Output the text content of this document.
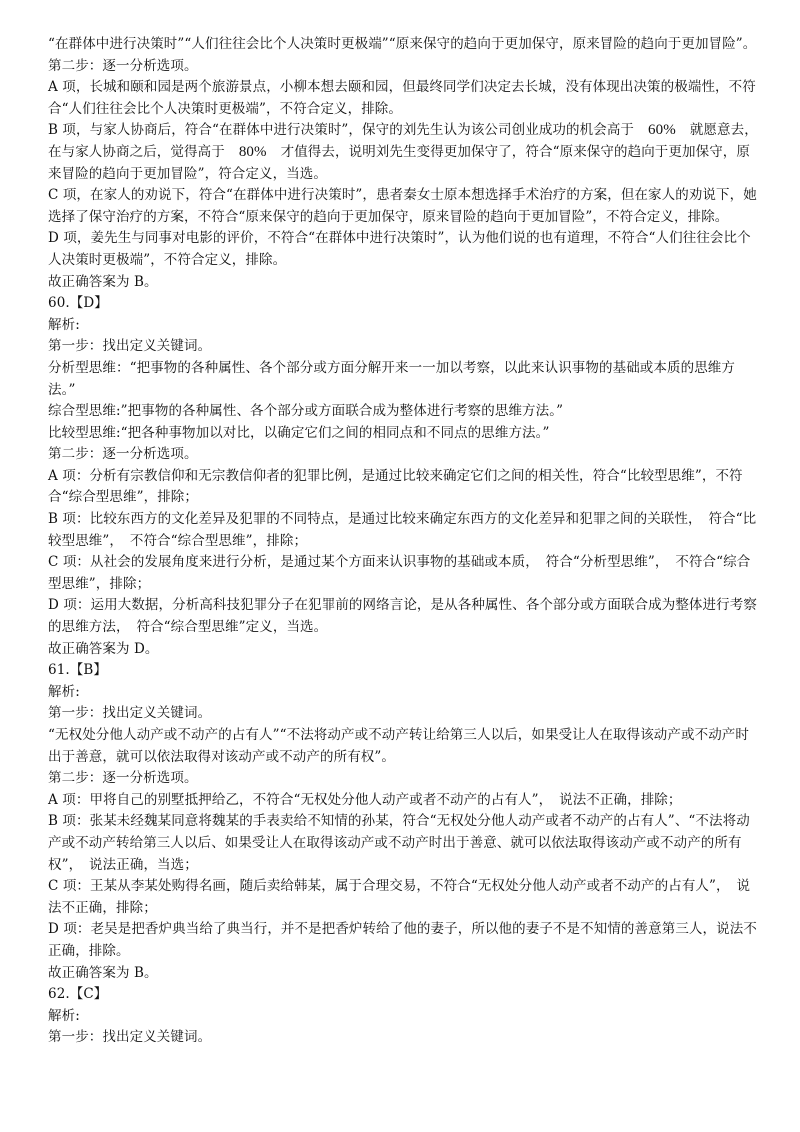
“在群体中进行决策时”“人们往往会比个人决策时更极端”“原来保守的趋向于更加保守，原来冒险的趋向于更加冒险”。

第二步：逐一分析选项。

A 项，长城和颐和园是两个旅游景点，小柳本想去颐和园，但最终同学们决定去长城，没有体现出决策的极端性，不符合“人们往往会比个人决策时更极端”，不符合定义，排除。

B 项，与家人协商后，符合“在群体中进行决策时”，保守的刘先生认为该公司创业成功的机会高于 60% 就愿意去，在与家人协商之后，觉得高于 80% 才值得去，说明刘先生变得更加保守了，符合“原来保守的趋向于更加保守，原来冒险的趋向于更加冒险”，符合定义，当选。

C 项，在家人的劝说下，符合“在群体中进行决策时”，患者秦女士原本想选择手术治疗的方案，但在家人的劝说下，她选择了保守治疗的方案，不符合“原来保守的趋向于更加保守，原来冒险的趋向于更加冒险”，不符合定义，排除。

D 项，姜先生与同事对电影的评价，不符合“在群体中进行决策时”，认为他们说的也有道理，不符合“人们往往会比个人决策时更极端”，不符合定义，排除。

故正确答案为 B。

60.【D】

解析:

第一步：找出定义关键词。

分析型思维：“把事物的各种属性、各个部分或方面分解开来一一加以考察，以此来认识事物的基础或本质的思维方法。”

综合型思维:”把事物的各种属性、各个部分或方面联合成为整体进行考察的思维方法。”

比较型思维:“把各种事物加以对比，以确定它们之间的相同点和不同点的思维方法。”

第二步：逐一分析选项。

A 项：分析有宗教信仰和无宗教信仰者的犯罪比例，是通过比较来确定它们之间的相关性，符合“比较型思维”，不符合“综合型思维”，排除；

B 项：比较东西方的文化差异及犯罪的不同特点，是通过比较来确定东西方的文化差异和犯罪之间的关联性，　符合“比较型思维”，　不符合“综合型思维”，排除；

C 项：从社会的发展角度来进行分析，是通过某个方面来认识事物的基础或本质，　符合“分析型思维”，　不符合“综合型思维”，排除；

D 项：运用大数据，分析高科技犯罪分子在犯罪前的网络言论，是从各种属性、各个部分或方面联合成为整体进行考察的思维方法，　符合“综合型思维”定义，当选。

故正确答案为 D。

61.【B】

解析:

第一步：找出定义关键词。

“无权处分他人动产或不动产的占有人”“不法将动产或不动产转让给第三人以后，如果受让人在取得该动产或不动产时出于善意，就可以依法取得对该动产或不动产的所有权”。

第二步：逐一分析选项。

A 项：甲将自己的别墅抵押给乙，不符合“无权处分他人动产或者不动产的占有人”，　说法不正确，排除；

B 项：张某未经魏某同意将魏某的手表卖给不知情的孙某，符合“无权处分他人动产或者不动产的占有人”、“不法将动产或不动产转给第三人以后、如果受让人在取得该动产或不动产时出于善意、就可以依法取得该动产或不动产的所有权”，　说法正确，当选；

C 项：王某从李某处购得名画，随后卖给韩某，属于合理交易，不符合“无权处分他人动产或者不动产的占有人”，　说法不正确，排除；

D 项：老吴是把香炉典当给了典当行，并不是把香炉转给了他的妻子，所以他的妻子不是不知情的善意第三人，说法不正确，排除。

故正确答案为 B。

62.【C】

解析:

第一步：找出定义关键词。
